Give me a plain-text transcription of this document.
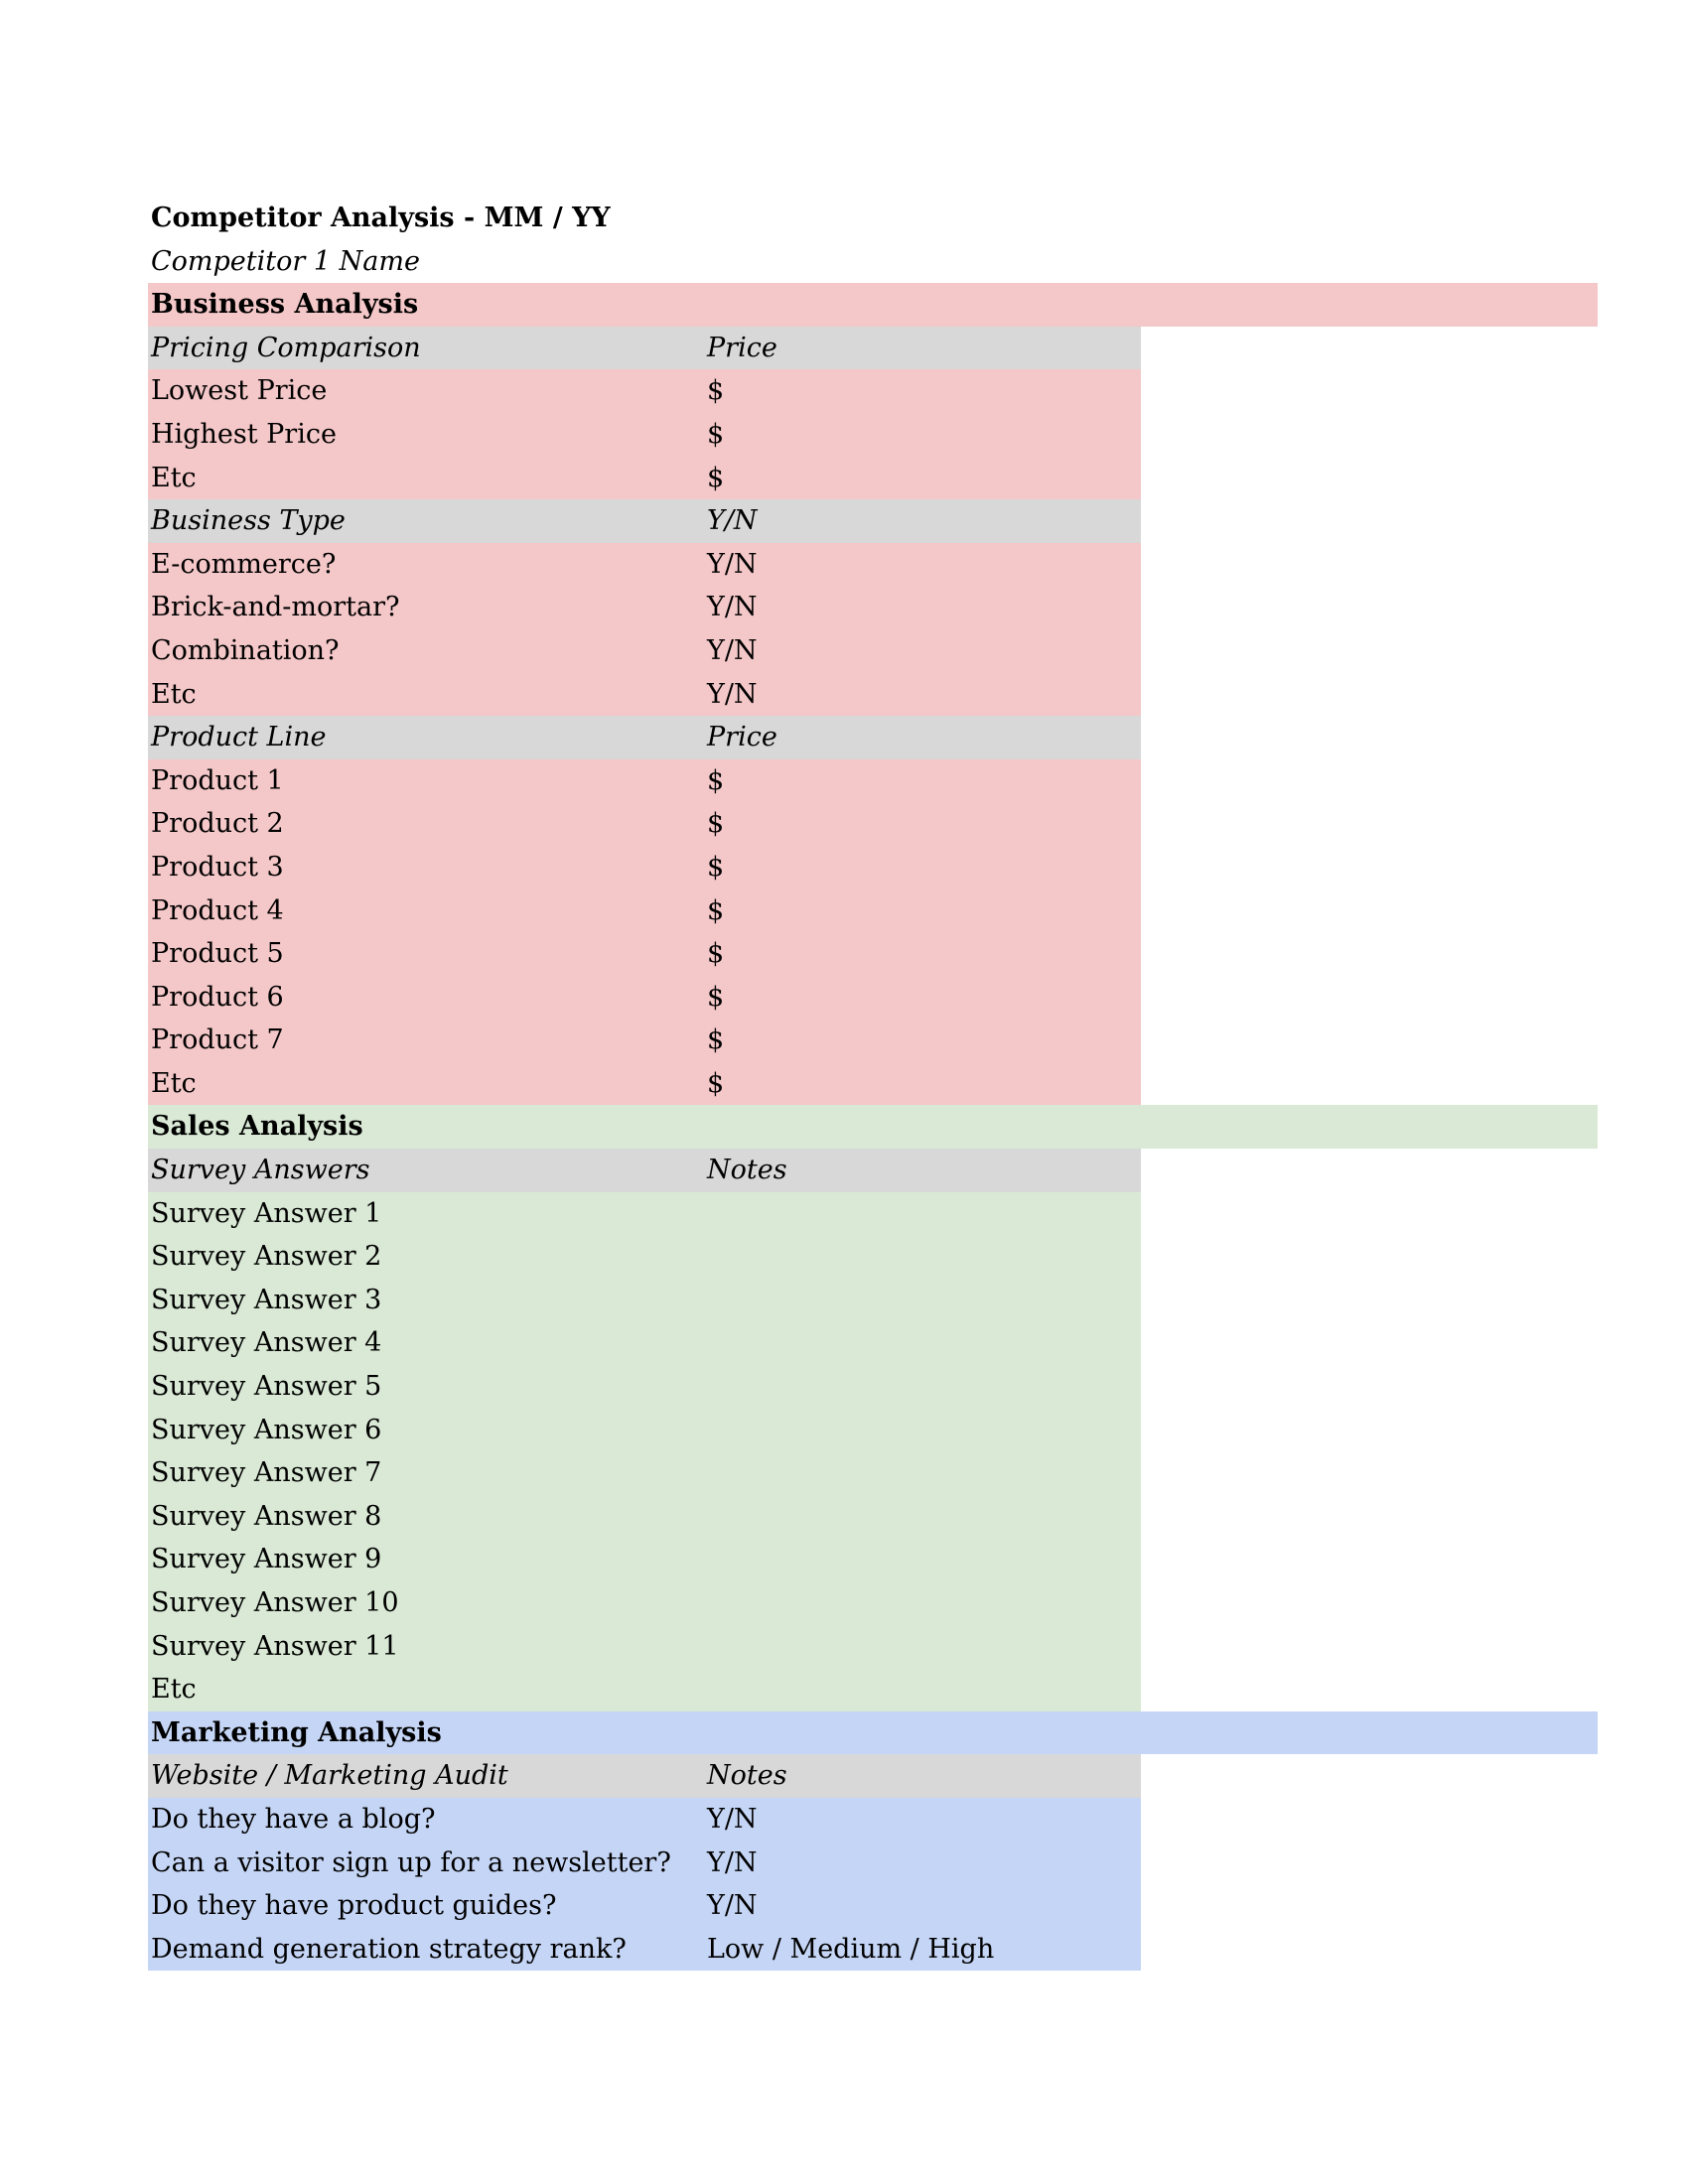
Competitor Analysis - MM / YY
Competitor 1 Name
Business Analysis
Pricing Comparison	Price
Lowest Price	$
Highest Price	$
Etc	$
Business Type	Y/N
E-commerce?	Y/N
Brick-and-mortar?	Y/N
Combination?	Y/N
Etc	Y/N
Product Line	Price
Product 1	$
Product 2	$
Product 3	$
Product 4	$
Product 5	$
Product 6	$
Product 7	$
Etc	$
Sales Analysis
Survey Answers	Notes
Survey Answer 1
Survey Answer 2
Survey Answer 3
Survey Answer 4
Survey Answer 5
Survey Answer 6
Survey Answer 7
Survey Answer 8
Survey Answer 9
Survey Answer 10
Survey Answer 11
Etc
Marketing Analysis
Website / Marketing Audit	Notes
Do they have a blog?	Y/N
Can a visitor sign up for a newsletter? Y/N
Do they have product guides?	Y/N
Demand generation strategy rank?	Low / Medium / High
